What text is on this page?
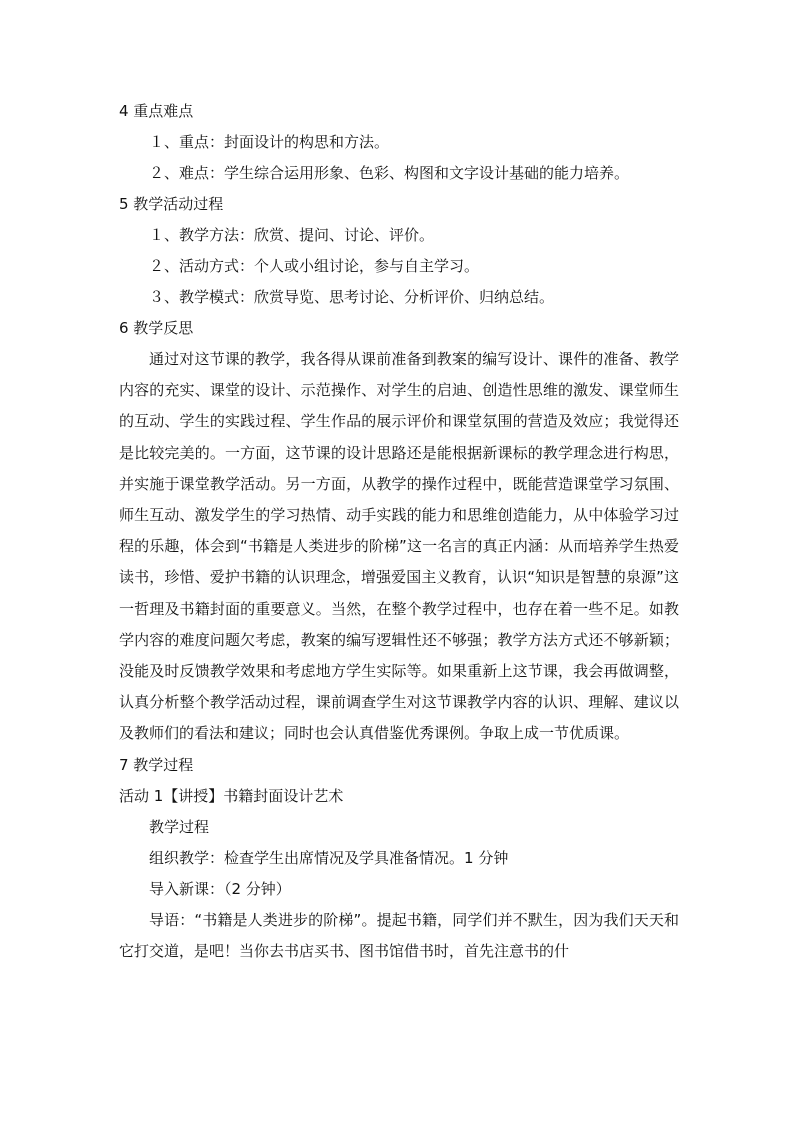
4 重点难点
１、重点：封面设计的构思和方法。
２、难点：学生综合运用形象、色彩、构图和文字设计基础的能力培养。
5 教学活动过程
１、教学方法：欣赏、提问、讨论、评价。
２、活动方式：个人或小组讨论，参与自主学习。
３、教学模式：欣赏导览、思考讨论、分析评价、归纳总结。
6 教学反思

通过对这节课的教学，我各得从课前准备到教案的编写设计、课件的准备、教学内容的充实、课堂的设计、示范操作、对学生的启迪、创造性思维的激发、课堂师生的互动、学生的实践过程、学生作品的展示评价和课堂氛围的营造及效应；我觉得还是比较完美的。一方面，这节课的设计思路还是能根据新课标的教学理念进行构思，并实施于课堂教学活动。另一方面，从教学的操作过程中，既能营造课堂学习氛围、师生互动、激发学生的学习热情、动手实践的能力和思维创造能力，从中体验学习过程的乐趣，体会到“书籍是人类进步的阶梯”这一名言的真正内涵：从而培养学生热爱读书，珍惜、爱护书籍的认识理念，增强爱国主义教育，认识“知识是智慧的泉源”这一哲理及书籍封面的重要意义。当然，在整个教学过程中，也存在着一些不足。如教学内容的难度问题欠考虑，教案的编写逻辑性还不够强；教学方法方式还不够新颖；没能及时反馈教学效果和考虑地方学生实际等。如果重新上这节课，我会再做调整，认真分析整个教学活动过程，课前调查学生对这节课教学内容的认识、理解、建议以及教师们的看法和建议；同时也会认真借鉴优秀课例。争取上成一节优质课。

7 教学过程
活动 1【讲授】书籍封面设计艺术
教学过程
组织教学：检查学生出席情况及学具准备情况。1 分钟
导入新课：（2 分钟）

导语：“书籍是人类进步的阶梯”。提起书籍，同学们并不默生，因为我们天天和它打交道，是吧！当你去书店买书、图书馆借书时，首先注意书的什
